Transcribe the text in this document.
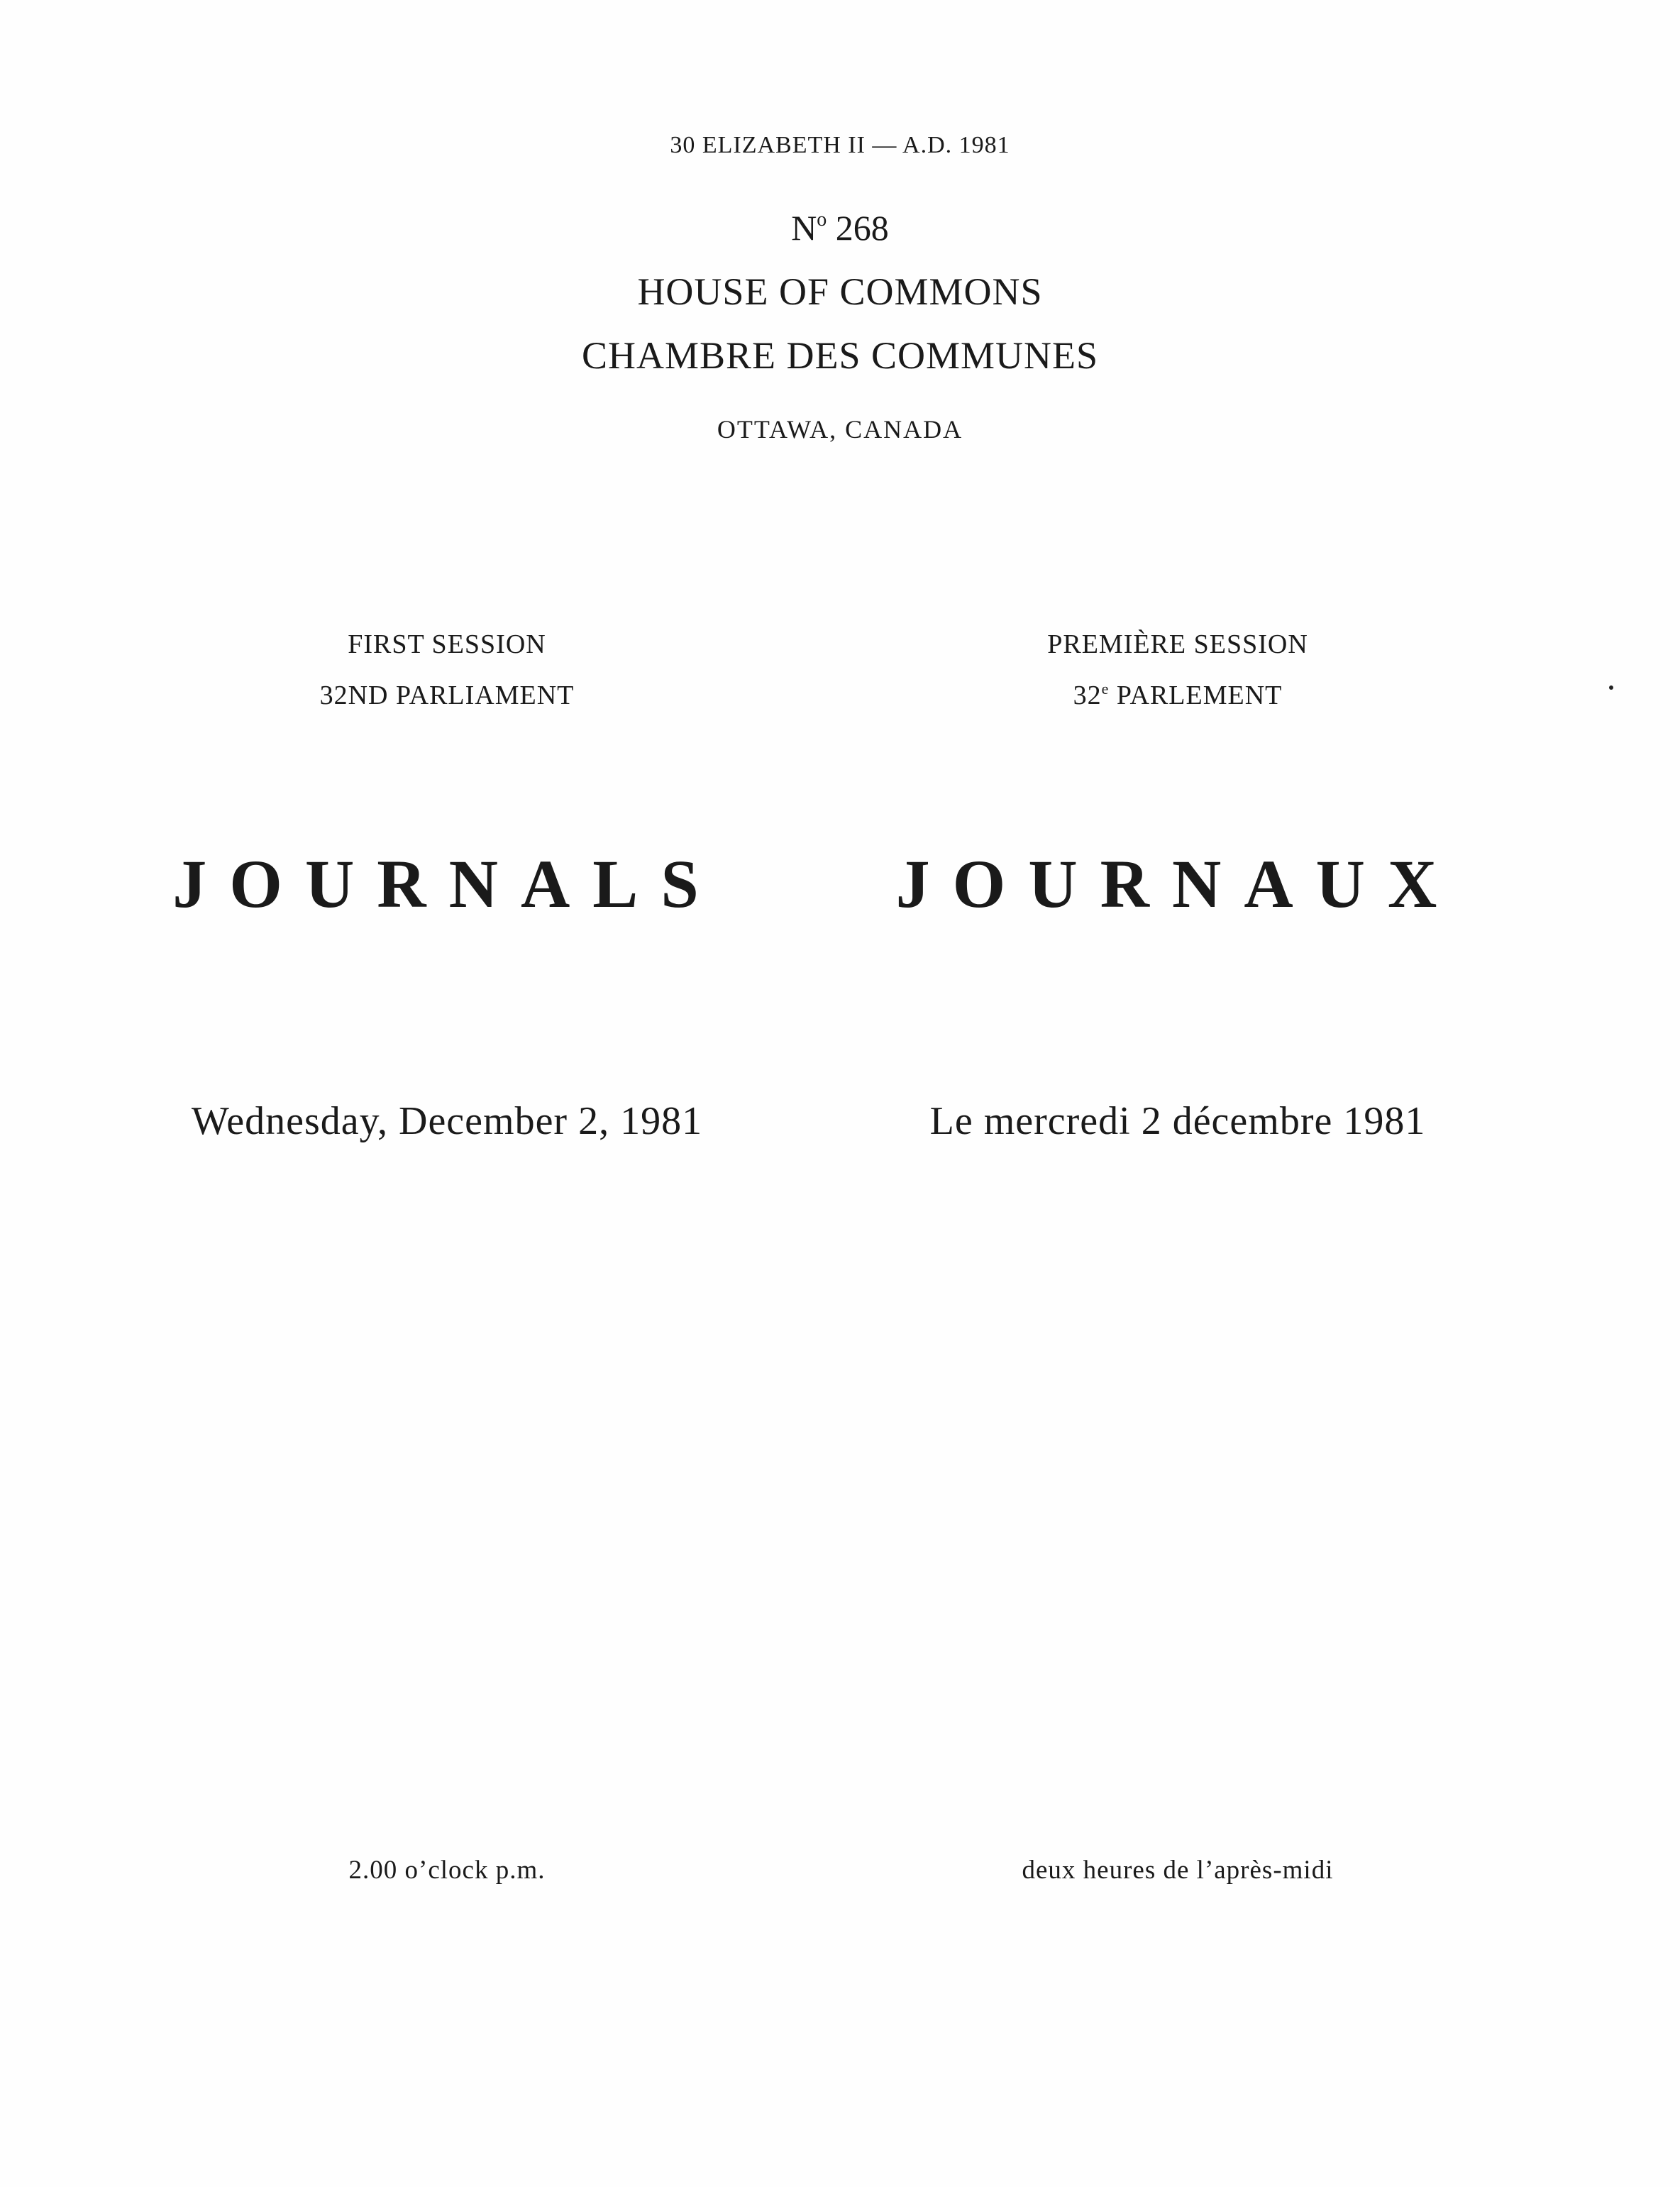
30 ELIZABETH II — A.D. 1981
$N^o$ 268
HOUSE OF COMMONS
CHAMBRE DES COMMUNES
OTTAWA, CANADA
FIRST SESSION	PREMIÈRE SESSION
32ND PARLIAMENT	32e PARLEMENT
JOURNALS	JOURNAUX
Wednesday, December 2, 1981	Le mercredi 2 décembre 1981
2.00 o’clock p.m.	deux heures de l’après-midi
